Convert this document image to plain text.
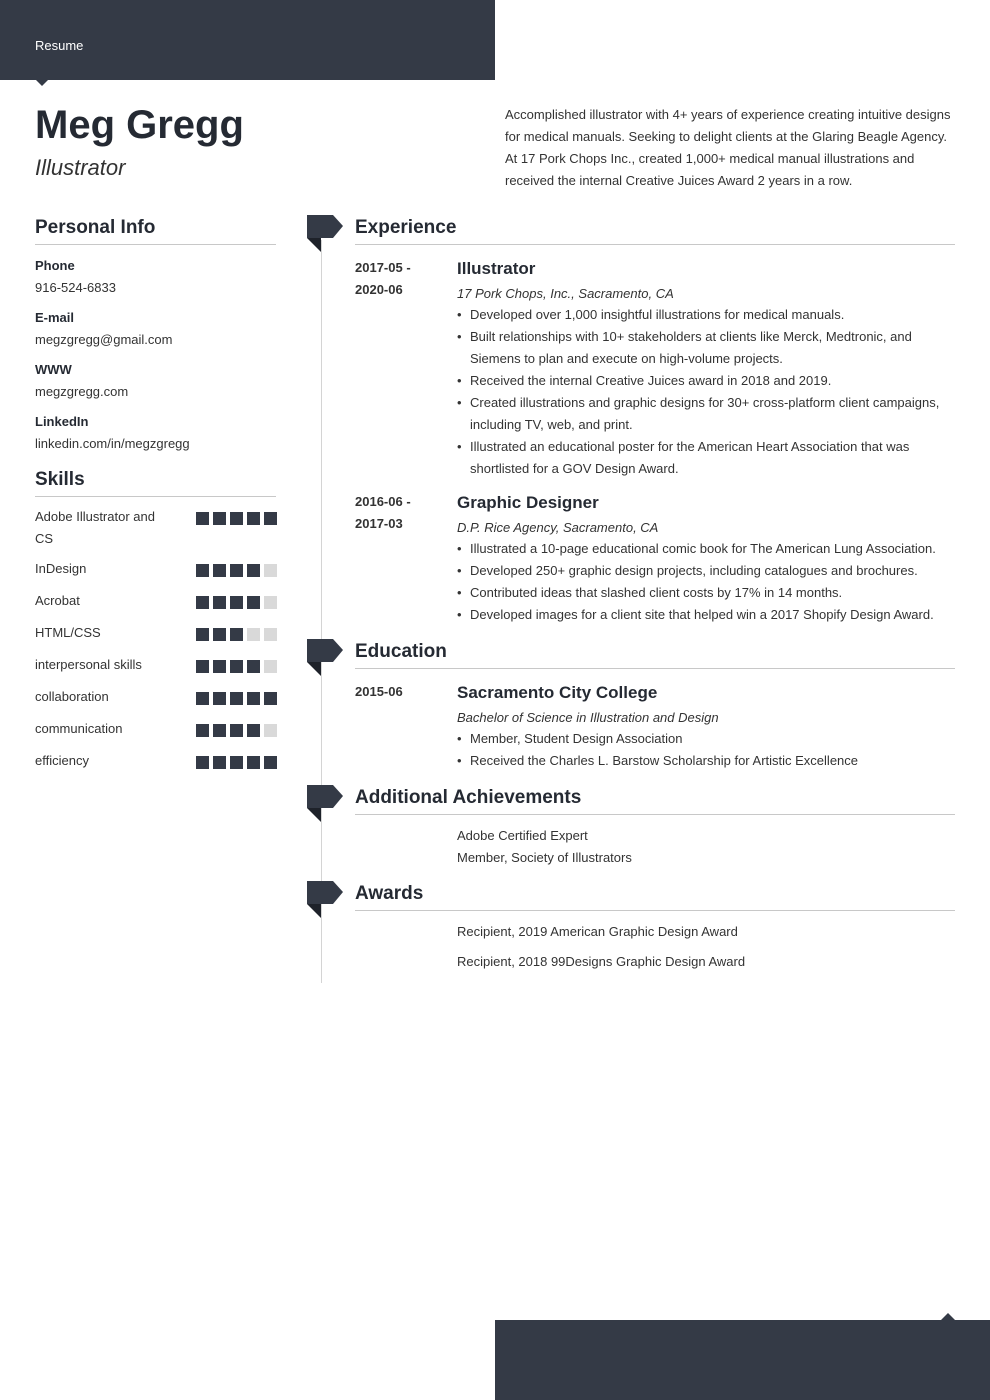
Resume
Meg Gregg
Illustrator
Accomplished illustrator with 4+ years of experience creating intuitive designs for medical manuals. Seeking to delight clients at the Glaring Beagle Agency. At 17 Pork Chops Inc., created 1,000+ medical manual illustrations and received the internal Creative Juices Award 2 years in a row.
Personal Info
Phone
916-524-6833
E-mail
megzgregg@gmail.com
WWW
megzgregg.com
LinkedIn
linkedin.com/in/megzgregg
Skills
Adobe Illustrator and CS
InDesign
Acrobat
HTML/CSS
interpersonal skills
collaboration
communication
efficiency
Experience
2017-05 -
2020-06
Illustrator
17 Pork Chops, Inc., Sacramento, CA
• Developed over 1,000 insightful illustrations for medical manuals.
• Built relationships with 10+ stakeholders at clients like Merck, Medtronic, and Siemens to plan and execute on high-volume projects.
• Received the internal Creative Juices award in 2018 and 2019.
• Created illustrations and graphic designs for 30+ cross-platform client campaigns, including TV, web, and print.
• Illustrated an educational poster for the American Heart Association that was shortlisted for a GOV Design Award.
2016-06 -
2017-03
Graphic Designer
D.P. Rice Agency, Sacramento, CA
• Illustrated a 10-page educational comic book for The American Lung Association.
• Developed 250+ graphic design projects, including catalogues and brochures.
• Contributed ideas that slashed client costs by 17% in 14 months.
• Developed images for a client site that helped win a 2017 Shopify Design Award.
Education
2015-06	Sacramento City College
Bachelor of Science in Illustration and Design
• Member, Student Design Association
• Received the Charles L. Barstow Scholarship for Artistic Excellence
Additional Achievements
Adobe Certified Expert
Member, Society of Illustrators
Awards
Recipient, 2019 American Graphic Design Award
Recipient, 2018 99Designs Graphic Design Award
